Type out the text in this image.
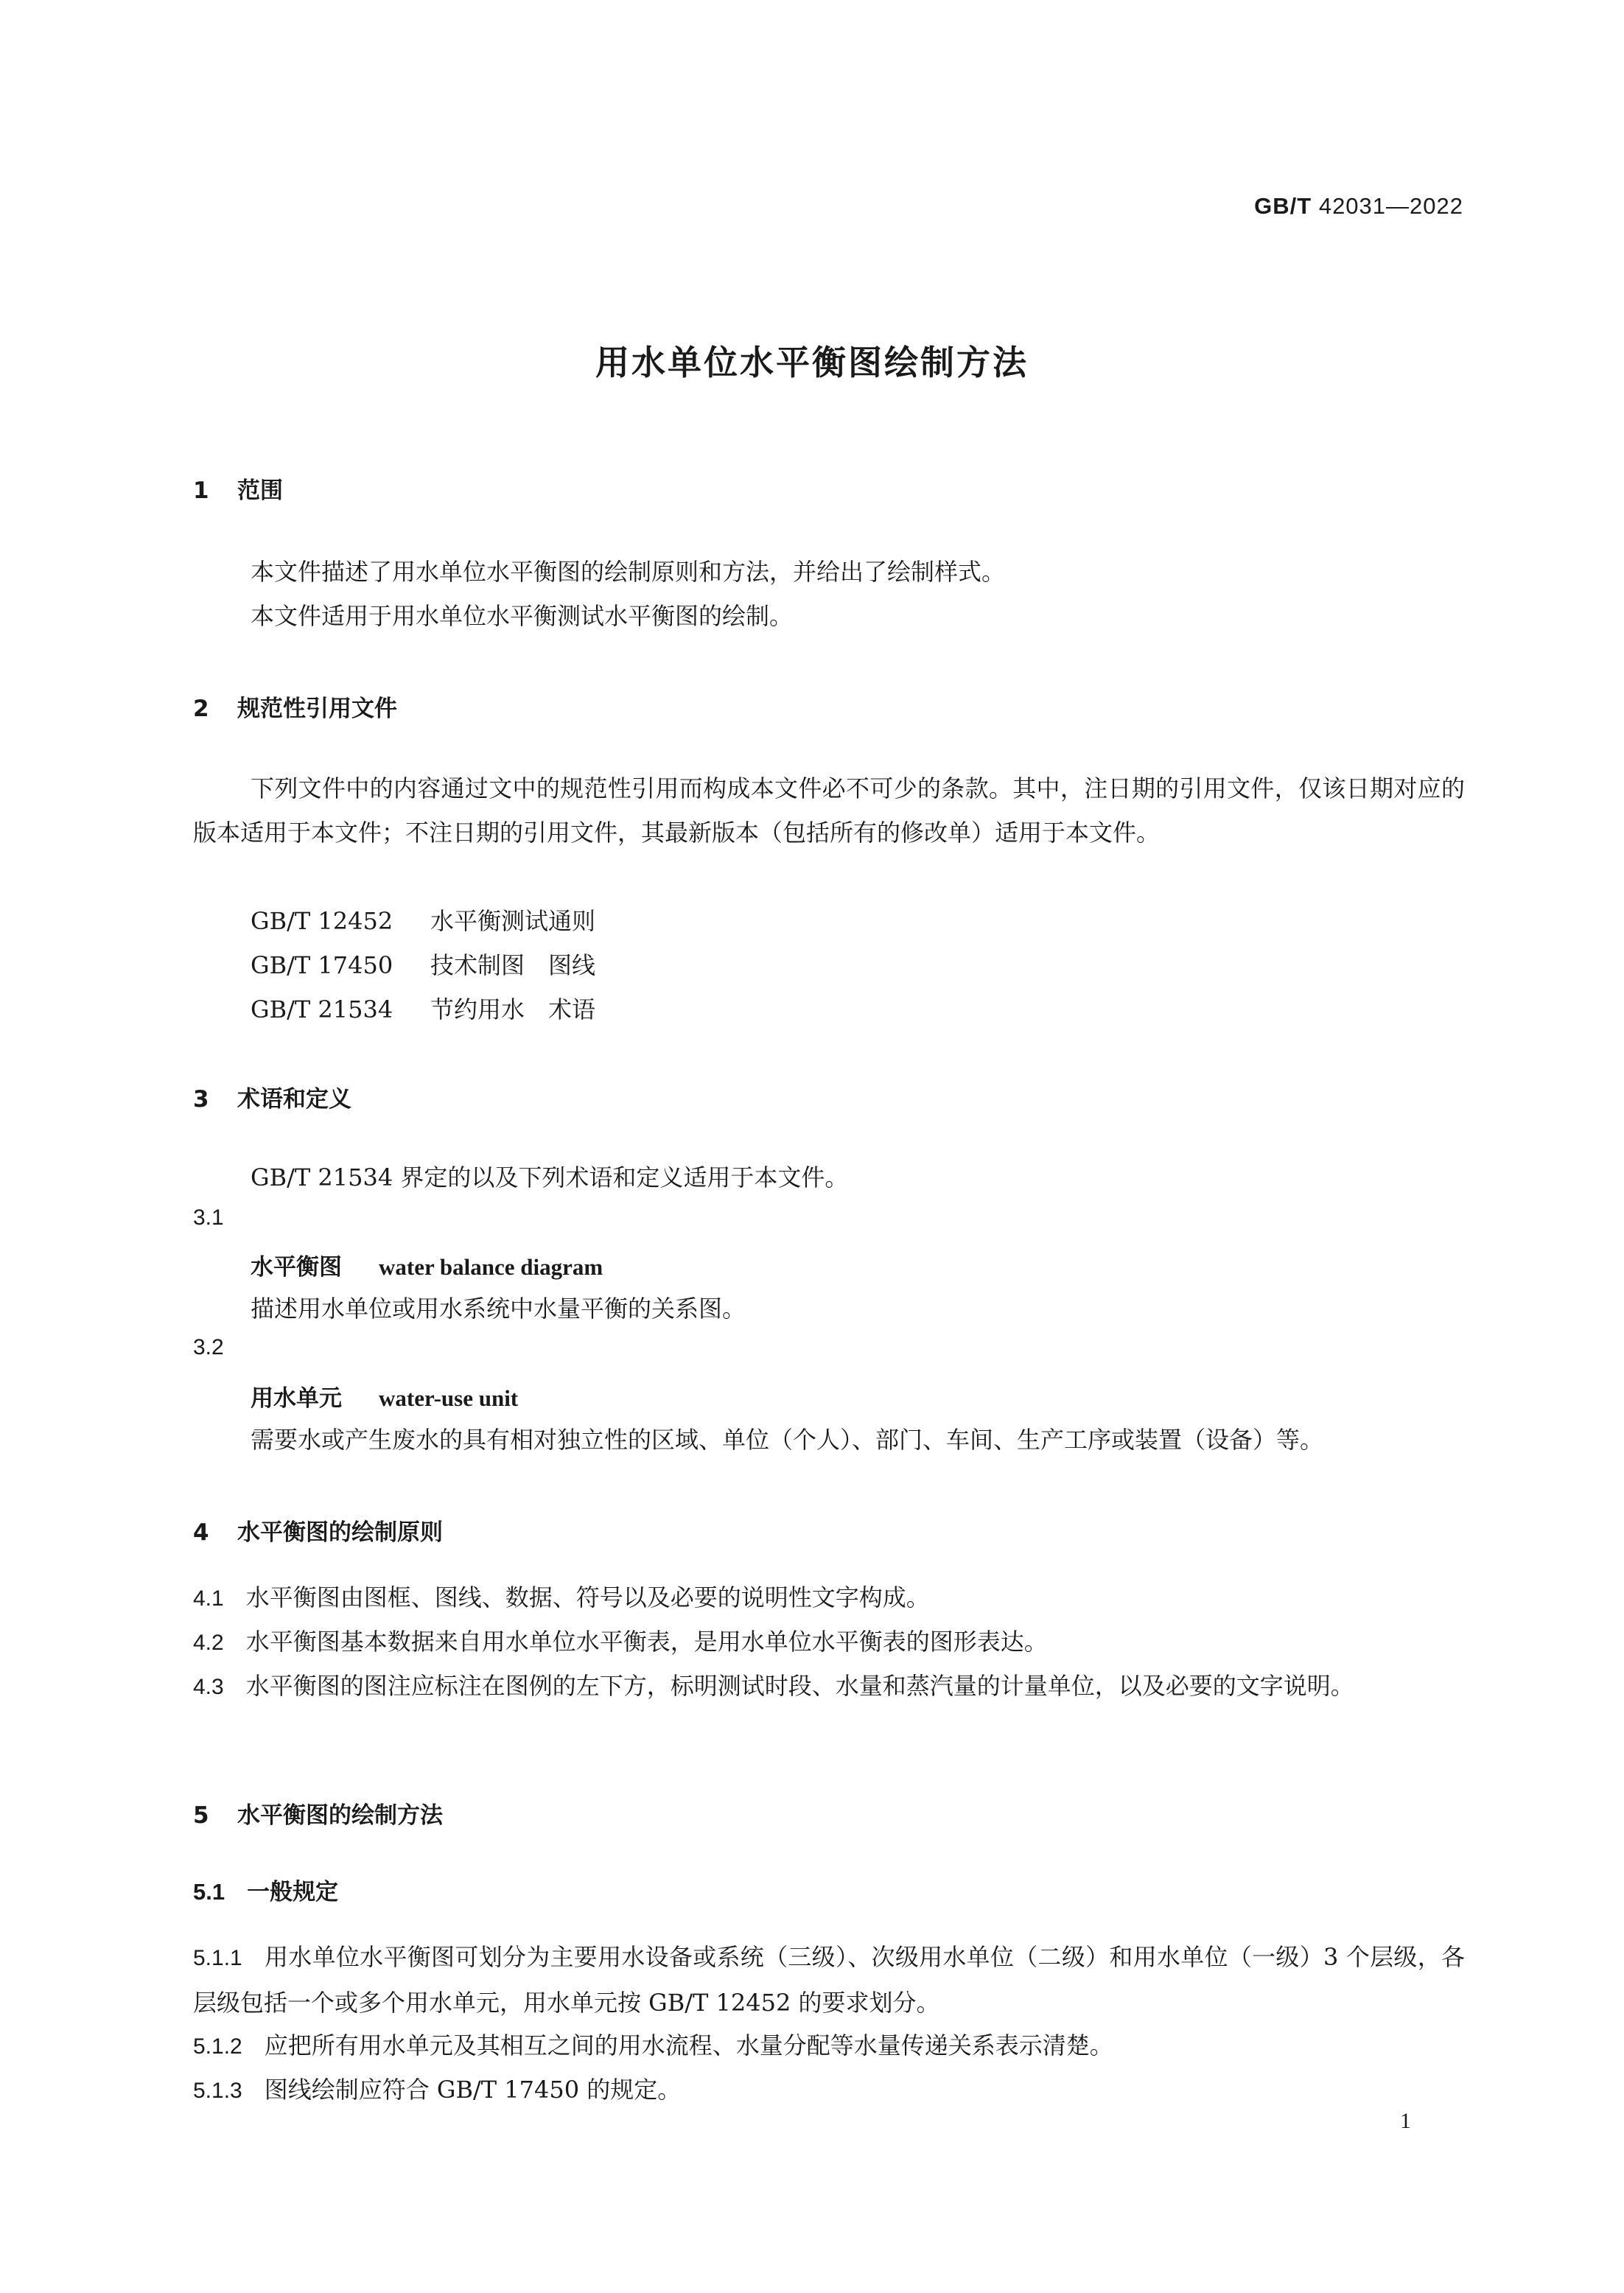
GB/T 42031—2022
用水单位水平衡图绘制方法
1 范围
本文件描述了用水单位水平衡图的绘制原则和方法，并给出了绘制样式。
本文件适用于用水单位水平衡测试水平衡图的绘制。
2 规范性引用文件
下列文件中的内容通过文中的规范性引用而构成本文件必不可少的条款。其中，注日期的引用文件，仅该日期对应的版本适用于本文件；不注日期的引用文件，其最新版本（包括所有的修改单）适用于本文件。
GB/T 12452 水平衡测试通则
GB/T 17450 技术制图　图线
GB/T 21534 节约用水　术语
3 术语和定义
GB/T 21534 界定的以及下列术语和定义适用于本文件。
3.1
水平衡图 water balance diagram
描述用水单位或用水系统中水量平衡的关系图。
3.2
用水单元 water-use unit
需要水或产生废水的具有相对独立性的区域、单位（个人）、部门、车间、生产工序或装置（设备）等。
4 水平衡图的绘制原则
4.1 水平衡图由图框、图线、数据、符号以及必要的说明性文字构成。
4.2 水平衡图基本数据来自用水单位水平衡表，是用水单位水平衡表的图形表达。
4.3 水平衡图的图注应标注在图例的左下方，标明测试时段、水量和蒸汽量的计量单位，以及必要的文字说明。
5 水平衡图的绘制方法
5.1 一般规定
5.1.1 用水单位水平衡图可划分为主要用水设备或系统（三级）、次级用水单位（二级）和用水单位（一级）3 个层级，各层级包括一个或多个用水单元，用水单元按 GB/T 12452 的要求划分。
5.1.2 应把所有用水单元及其相互之间的用水流程、水量分配等水量传递关系表示清楚。
5.1.3 图线绘制应符合 GB/T 17450 的规定。
1
